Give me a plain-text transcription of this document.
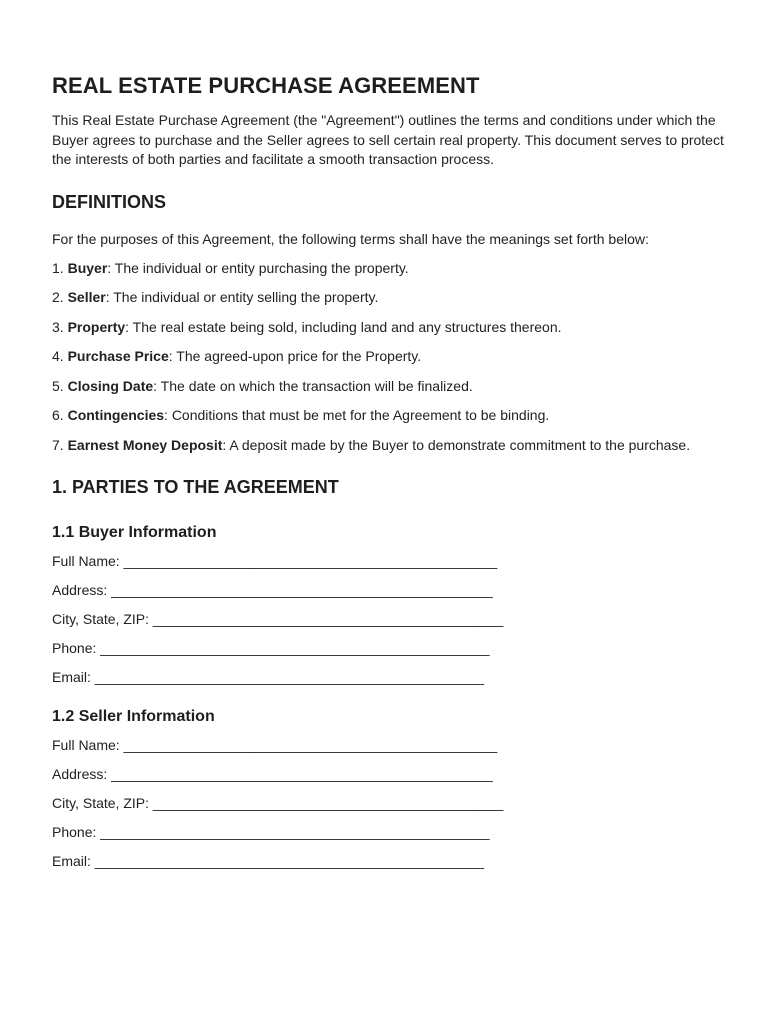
REAL ESTATE PURCHASE AGREEMENT

This Real Estate Purchase Agreement (the "Agreement") outlines the terms and conditions under which the Buyer agrees to purchase and the Seller agrees to sell certain real property. This document serves to protect the interests of both parties and facilitate a smooth transaction process.

DEFINITIONS

For the purposes of this Agreement, the following terms shall have the meanings set forth below:

1. Buyer: The individual or entity purchasing the property.
2. Seller: The individual or entity selling the property.
3. Property: The real estate being sold, including land and any structures thereon.
4. Purchase Price: The agreed-upon price for the Property.
5. Closing Date: The date on which the transaction will be finalized.
6. Contingencies: Conditions that must be met for the Agreement to be binding.
7. Earnest Money Deposit: A deposit made by the Buyer to demonstrate commitment to the purchase.
1. PARTIES TO THE AGREEMENT
1.1 Buyer Information
Full Name: ________________________________________________
Address: _________________________________________________
City, State, ZIP: _____________________________________________
Phone: __________________________________________________
Email: __________________________________________________
1.2 Seller Information
Full Name: ________________________________________________
Address: _________________________________________________
City, State, ZIP: _____________________________________________
Phone: __________________________________________________
Email: __________________________________________________
